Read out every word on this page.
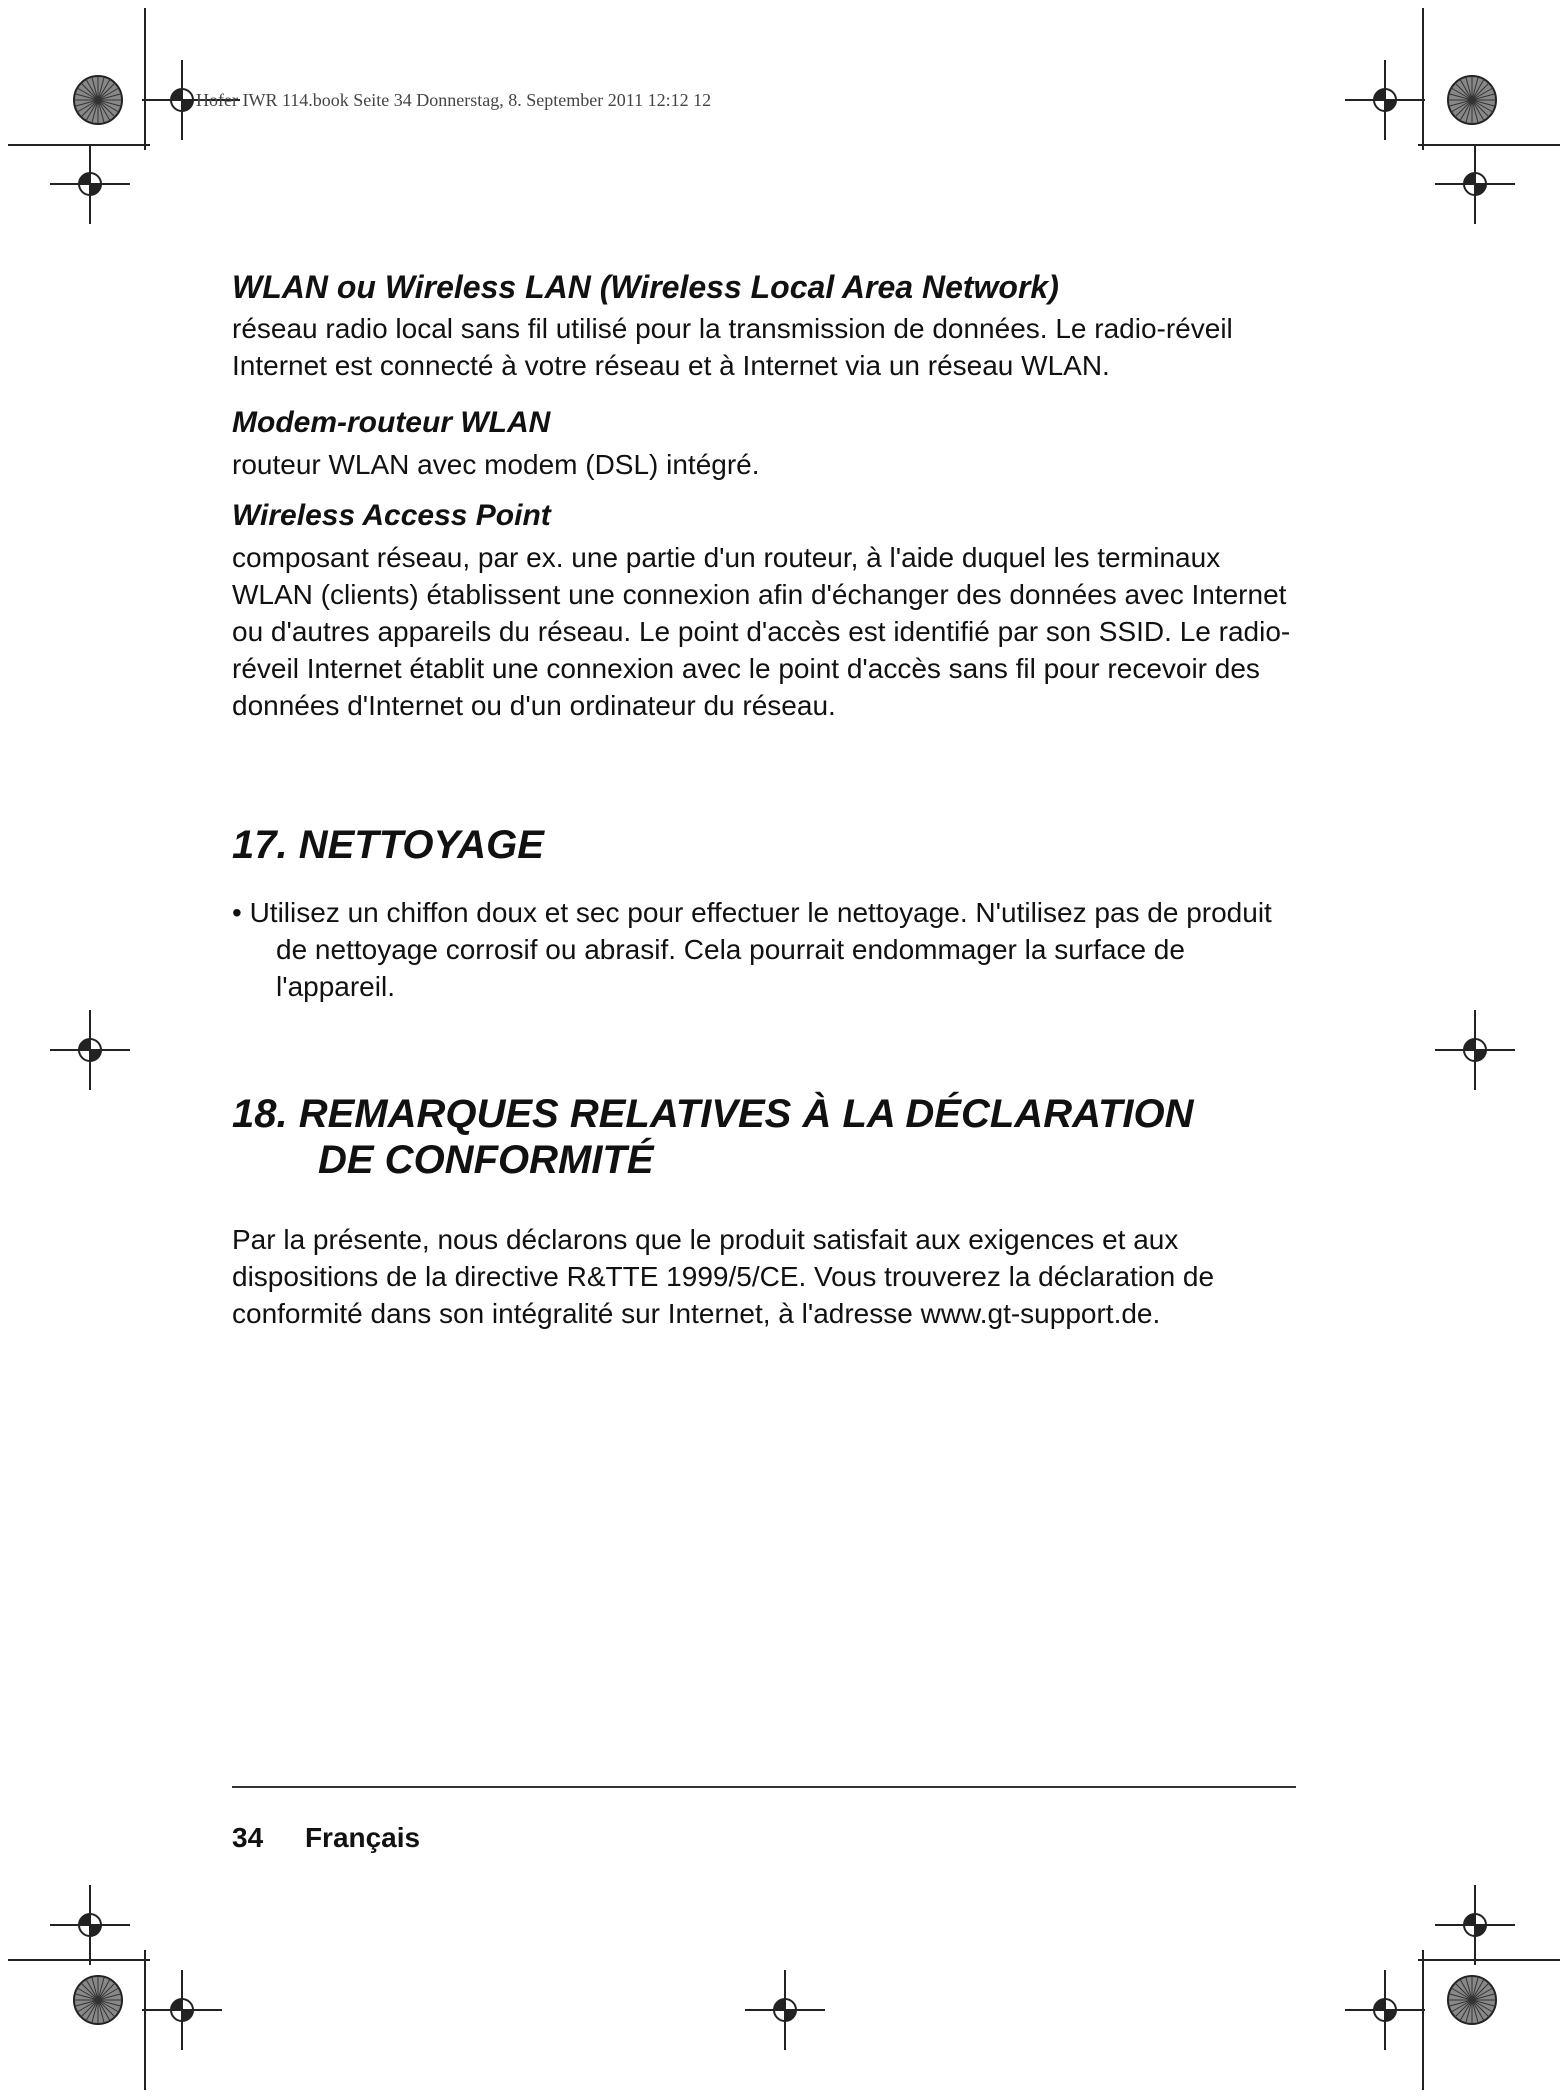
Hofer IWR 114.book Seite 34 Donnerstag, 8. September 2011 12:12 12
WLAN ou Wireless LAN (Wireless Local Area Network)
réseau radio local sans fil utilisé pour la transmission de données. Le radio-réveil Internet est connecté à votre réseau et à Internet via un réseau WLAN.
Modem-routeur WLAN
routeur WLAN avec modem (DSL) intégré.
Wireless Access Point
composant réseau, par ex. une partie d'un routeur, à l'aide duquel les terminaux WLAN (clients) établissent une connexion afin d'échanger des données avec Internet ou d'autres appareils du réseau. Le point d'accès est identifié par son SSID. Le radio-réveil Internet établit une connexion avec le point d'accès sans fil pour recevoir des données d'Internet ou d'un ordinateur du réseau.
17. NETTOYAGE

• Utilisez un chiffon doux et sec pour effectuer le nettoyage. N'utilisez pas de produit de nettoyage corrosif ou abrasif. Cela pourrait endommager la surface de l'appareil.

18. REMARQUES RELATIVES À LA DÉCLARATION
DE CONFORMITÉ

Par la présente, nous déclarons que le produit satisfait aux exigences et aux dispositions de la directive R&TTE 1999/5/CE. Vous trouverez la déclaration de conformité dans son intégralité sur Internet, à l'adresse www.gt-support.de.

34 Français
